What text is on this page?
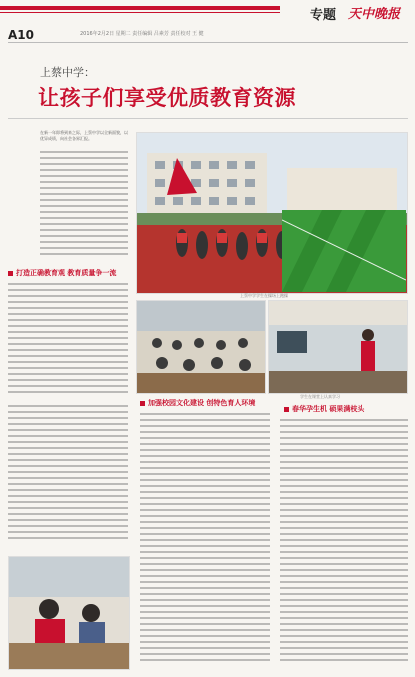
专题 天中晚报
A10	2016年2月2日 星期二 责任编辑 吕素芳 责任校对 王 健
上蔡中学：
让孩子们享受优质教育资源
在新一年即将到来之际，上蔡中学以全新面貌，以优异成绩，向社会各界汇报。
上蔡中学学生在操场上跑操
打造正确教育观 教育质量争一流
学生在课堂上认真学习
加强校园文化建设 创特色育人环境
春华孕生机 硕果满枝头
